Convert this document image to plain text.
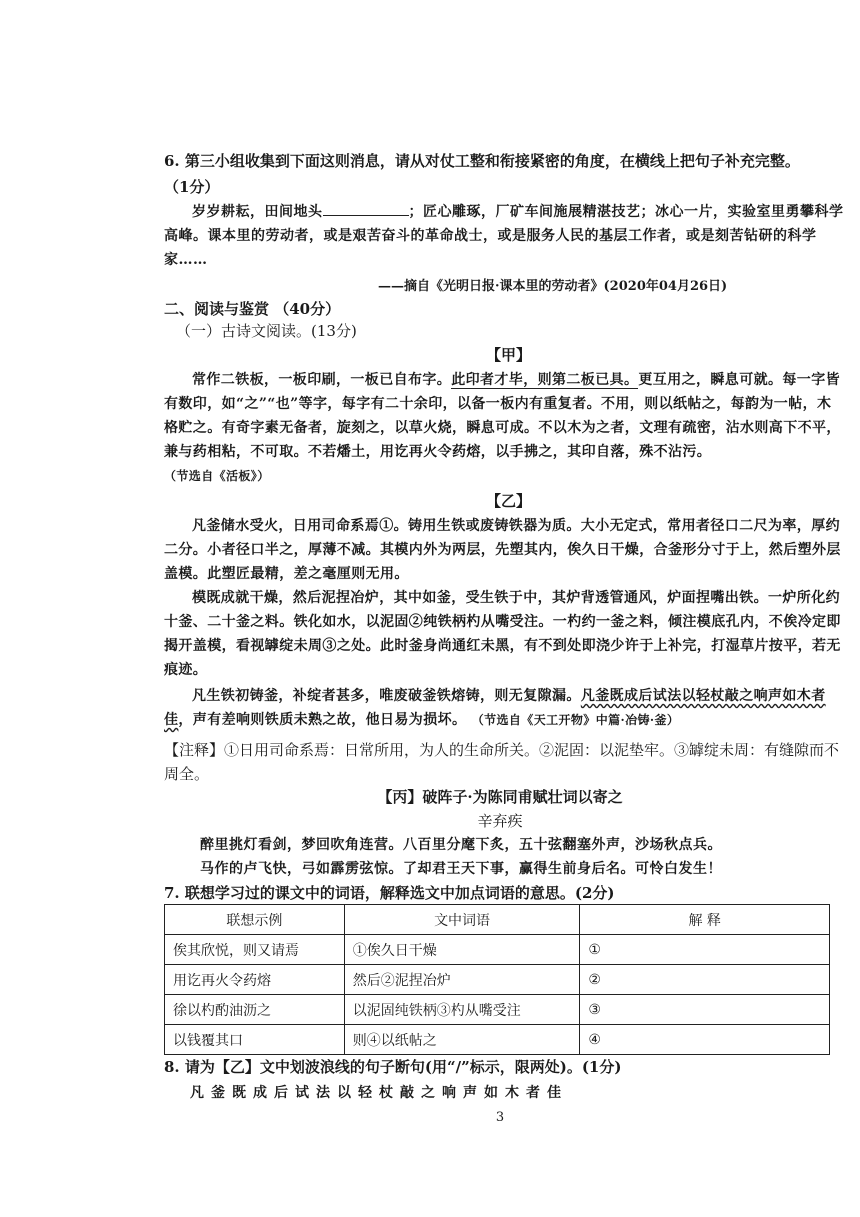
6. 第三小组收集到下面这则消息，请从对仗工整和衔接紧密的角度，在横线上把句子补充完整。
（1分）
岁岁耕耘，田间地头	；匠心雕琢，厂矿车间施展精湛技艺；冰心一片，实验室里勇攀科学高峰。课本里的劳动者，或是艰苦奋斗的革命战士，或是服务人民的基层工作者，或是刻苦钻研的科学家……
——摘自《光明日报·课本里的劳动者》(2020年04月26日)
二、阅读与鉴赏 （40分）
（一）古诗文阅读。(13分)
【甲】
常作二铁板，一板印刷，一板已自布字。此印者才毕，则第二板已具。更互用之，瞬息可就。每一字皆有数印，如“之”“也”等字，每字有二十余印，以备一板内有重复者。不用，则以纸帖之，每韵为一帖，木格贮之。有奇字素无备者，旋刻之，以草火烧，瞬息可成。不以木为之者，文理有疏密，沾水则高下不平，兼与药相粘，不可取。不若燔土，用讫再火令药熔，以手拂之，其印自落，殊不沾污。（节选自《活板》）
【乙】
凡釜储水受火，日用司命系焉①。铸用生铁或废铸铁器为质。大小无定式，常用者径口二尺为率，厚约二分。小者径口半之，厚薄不减。其模内外为两层，先塑其内，俟久日干燥，合釜形分寸于上，然后塑外层盖模。此塑匠最精，差之毫厘则无用。
模既成就干燥，然后泥捏冶炉，其中如釜，受生铁于中，其炉背透管通风，炉面捏嘴出铁。一炉所化约十釜、二十釜之料。铁化如水，以泥固②纯铁柄杓从嘴受注。一杓约一釜之料，倾注模底孔内，不俟冷定即揭开盖模，看视罅绽未周③之处。此时釜身尚通红未黑，有不到处即浇少许于上补完，打湿草片按平，若无痕迹。
凡生铁初铸釜，补绽者甚多，唯废破釜铁熔铸，则无复隙漏。凡釜既成后试法以轻杖敲之响声如木者佳，声有差响则铁质未熟之故，他日易为损坏。 （节选自《天工开物》中篇·冶铸·釜）
【注释】①日用司命系焉：日常所用，为人的生命所关。②泥固：以泥垫牢。③罅绽未周：有缝隙而不周全。
【丙】破阵子·为陈同甫赋壮词以寄之
辛弃疾
醉里挑灯看剑，梦回吹角连营。八百里分麾下炙，五十弦翻塞外声，沙场秋点兵。
马作的卢飞快，弓如霹雳弦惊。了却君王天下事，赢得生前身后名。可怜白发生！
7. 联想学习过的课文中的词语，解释选文中加点词语的意思。(2分)
联想示例	文中词语	解 释
俟其欣悦，则又请焉	①俟久日干燥	①
用讫再火令药熔	然后②泥捏冶炉	②
徐以杓酌油沥之	以泥固纯铁柄③杓从嘴受注	③
以钱覆其口	则④以纸帖之	④
8. 请为【乙】文中划波浪线的句子断句(用“/”标示，限两处)。(1分)
凡釜既成后试法以轻杖敲之响声如木者佳
3
